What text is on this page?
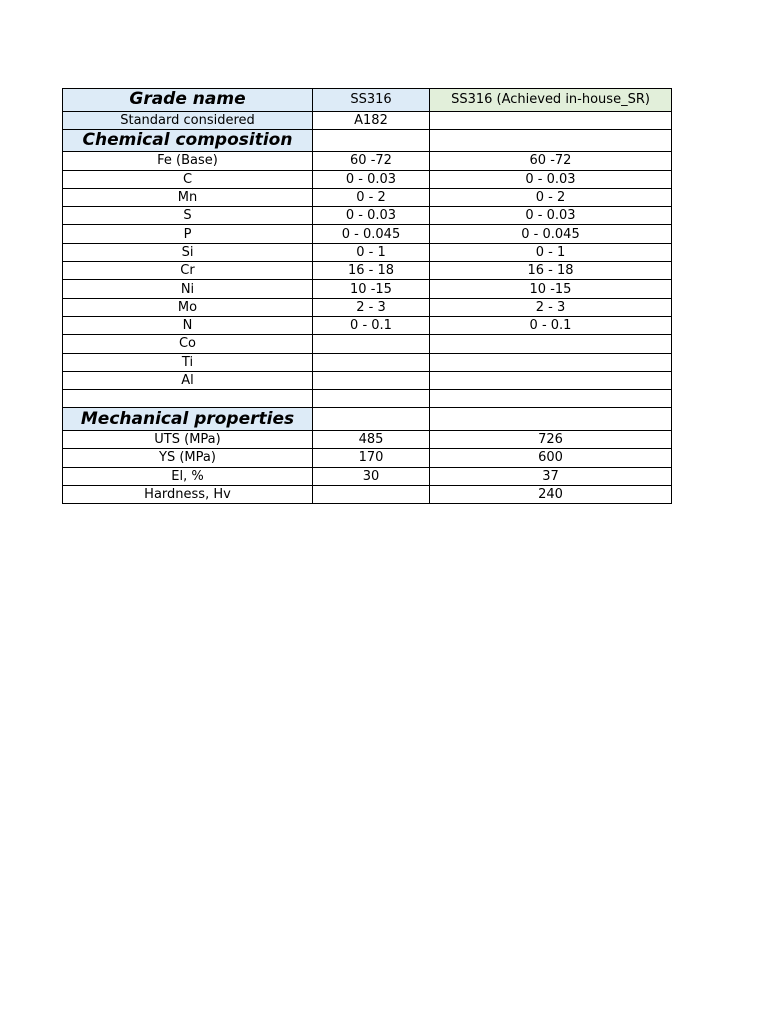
Grade name	SS316	SS316 (Achieved in-house_SR)
Standard considered	A182	
Chemical composition		
Fe (Base)	60 -72	60 -72
C	0 - 0.03	0 - 0.03
Mn	0 - 2	0 - 2
S	0 - 0.03	0 - 0.03
P	0 - 0.045	0 - 0.045
Si	0 - 1	0 - 1
Cr	16 - 18	16 - 18
Ni	10 -15	10 -15
Mo	2 - 3	2 - 3
N	0 - 0.1	0 - 0.1
Co		
Ti		
Al		

Mechanical properties		
UTS (MPa)	485	726
YS (MPa)	170	600
El, %	30	37
Hardness, Hv		240
